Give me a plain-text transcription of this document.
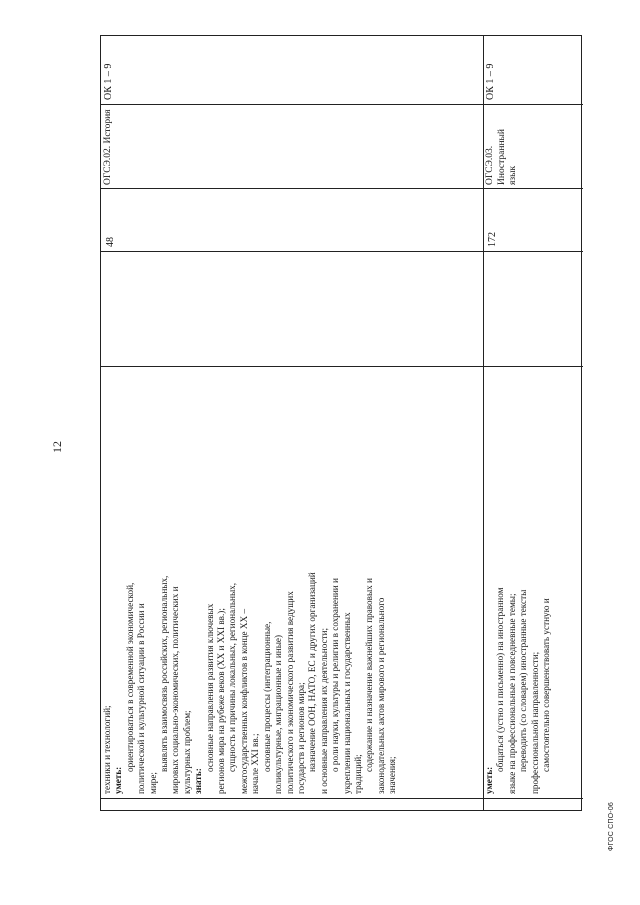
12
техники и технологий; уметь:
ориентироваться в современной экономической, политической и культурной ситуации в России и мире;
выявлять взаимосвязь российских, региональных, мировых социально-экономических, политических и культурных проблем; знать:
основные направления развития ключевых регионов мира на рубеже веков (XX и XXI вв.); сущность и причины локальных, региональных, межгосударственных конфликтов в конце XX – начале XXI вв.; основные процессы (интеграционные, поликультурные, миграционные и иные) политического и экономического развития ведущих государств и регионов мира; назначение ООН, НАТО, ЕС и других организаций и основные направления их деятельности; о роли науки, культуры и религии в сохранении и укреплении национальных и государственных традиций;
содержание и назначение важнейших правовых и законодательных актов мирового и регионального значения;
48
ОГСЭ.02. История
ОК 1 – 9
уметь:
общаться (устно и письменно) на иностранном языке на профессиональные и повседневные темы; переводить (со словарем) иностранные тексты профессиональной направленности; самостоятельно совершенствовать устную и
172
ОГСЭ.03. Иностранный язык
ОК 1 – 9
ФГОС СПО-06
